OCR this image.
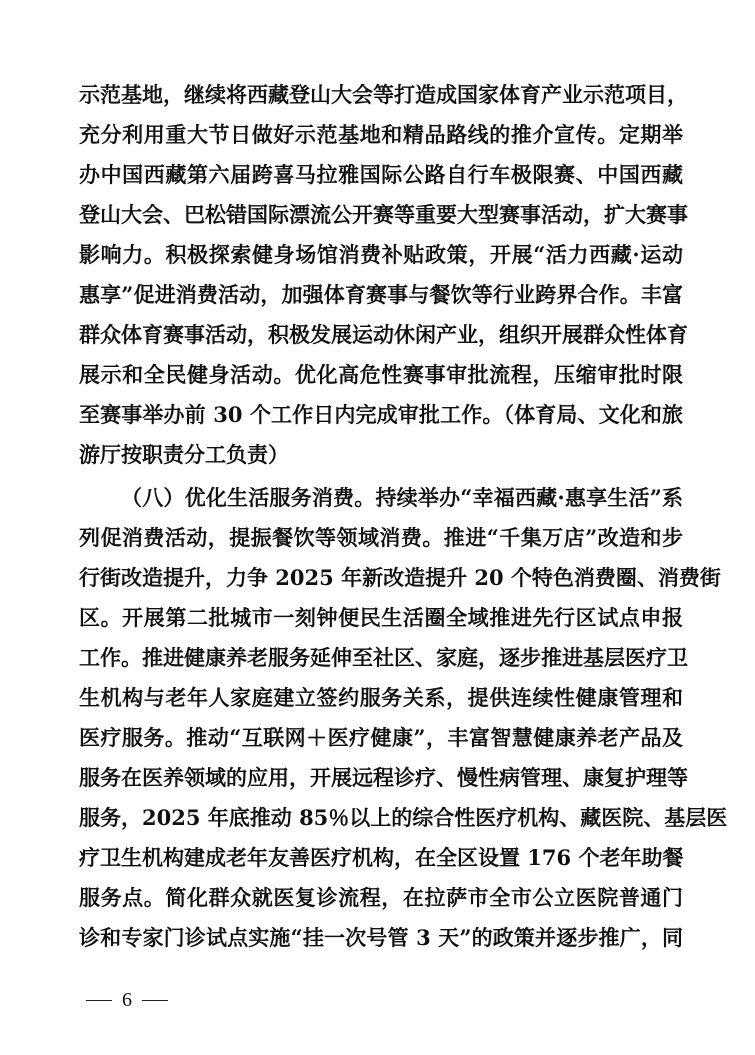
示范基地，继续将西藏登山大会等打造成国家体育产业示范项目，
充分利用重大节日做好示范基地和精品路线的推介宣传。定期举
办中国西藏第六届跨喜马拉雅国际公路自行车极限赛、中国西藏
登山大会、巴松错国际漂流公开赛等重要大型赛事活动，扩大赛事
影响力。积极探索健身场馆消费补贴政策，开展“活力西藏·运动
惠享”促进消费活动，加强体育赛事与餐饮等行业跨界合作。丰富
群众体育赛事活动，积极发展运动休闲产业，组织开展群众性体育
展示和全民健身活动。优化高危性赛事审批流程，压缩审批时限
至赛事举办前 30 个工作日内完成审批工作。（体育局、文化和旅
游厅按职责分工负责）
（八）优化生活服务消费。持续举办“幸福西藏·惠享生活”系
列促消费活动，提振餐饮等领域消费。推进“千集万店”改造和步
行街改造提升，力争 2025 年新改造提升 20 个特色消费圈、消费街
区。开展第二批城市一刻钟便民生活圈全域推进先行区试点申报
工作。推进健康养老服务延伸至社区、家庭，逐步推进基层医疗卫
生机构与老年人家庭建立签约服务关系，提供连续性健康管理和
医疗服务。推动“互联网＋医疗健康”，丰富智慧健康养老产品及
服务在医养领域的应用，开展远程诊疗、慢性病管理、康复护理等
服务，2025 年底推动 85％以上的综合性医疗机构、藏医院、基层医
疗卫生机构建成老年友善医疗机构，在全区设置 176 个老年助餐
服务点。简化群众就医复诊流程，在拉萨市全市公立医院普通门
诊和专家门诊试点实施“挂一次号管 3 天”的政策并逐步推广，同
6
